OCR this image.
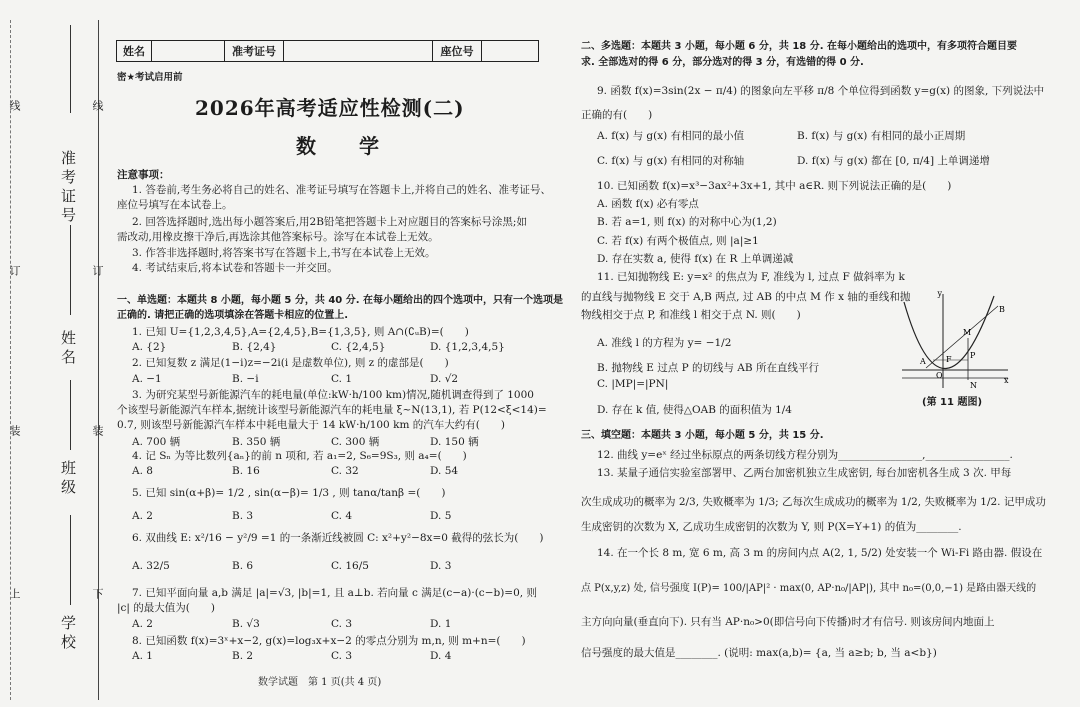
准考证号
姓名
班级
学校
线
订
装
上
线
订
装
下
姓名	准考证号	座位号
密★考试启用前
2026年高考适应性检测(二)
数 学
注意事项：
1. 答卷前,考生务必将自己的姓名、准考证号填写在答题卡上,并将自己的姓名、准考证号、
座位号填写在本试卷上。
2. 回答选择题时,选出每小题答案后,用2B铅笔把答题卡上对应题目的答案标号涂黑;如
需改动,用橡皮擦干净后,再选涂其他答案标号。涂写在本试卷上无效。
3. 作答非选择题时,将答案书写在答题卡上,书写在本试卷上无效。
4. 考试结束后,将本试卷和答题卡一并交回。
一、单选题：本题共 8 小题，每小题 5 分，共 40 分. 在每小题给出的四个选项中，只有一个选项是
正确的. 请把正确的选项填涂在答题卡相应的位置上.
1. 已知 U={1,2,3,4,5},A={2,4,5},B={1,3,5}, 则 A∩(∁ᵤB)=(　　)
A. {2}	B. {2,4}	C. {2,4,5}	D. {1,2,3,4,5}
2. 已知复数 z 满足(1−i)z=−2i(i 是虚数单位), 则 z 的虚部是(　　)
A. −1	B. −i	C. 1	D. √2
3. 为研究某型号新能源汽车的耗电量(单位:kW·h/100 km)情况,随机调查得到了 1000
个该型号新能源汽车样本,据统计该型号新能源汽车的耗电量 ξ~N(13,1), 若 P(12<ξ<14)=
0.7, 则该型号新能源汽车样本中耗电量大于 14 kW·h/100 km 的汽车大约有(　　)
A. 700 辆	B. 350 辆	C. 300 辆	D. 150 辆
4. 记 Sₙ 为等比数列{aₙ}的前 n 项和, 若 a₁=2, S₆=9S₃, 则 a₄=(　　)
A. 8	B. 16	C. 32	D. 54
5. 已知 sin(α+β)= 1/2 , sin(α−β)= 1/3 , 则 tanα/tanβ =(　　)
A. 2	B. 3	C. 4	D. 5
6. 双曲线 E: x²/16 − y²/9 =1 的一条渐近线被圆 C: x²+y²−8x=0 截得的弦长为(　　)
A. 32/5	B. 6	C. 16/5	D. 3
7. 已知平面向量 a,b 满足 |a|=√3, |b|=1, 且 a⊥b. 若向量 c 满足(c−a)·(c−b)=0, 则
|c| 的最大值为(　　)
A. 2	B. √3	C. 3	D. 1
8. 已知函数 f(x)=3ˣ+x−2, g(x)=log₃x+x−2 的零点分别为 m,n, 则 m+n=(　　)
A. 1	B. 2	C. 3	D. 4
数学试题　第 1 页(共 4 页)
二、多选题：本题共 3 小题，每小题 6 分，共 18 分. 在每小题给出的选项中，有多项符合题目要
求. 全部选对的得 6 分，部分选对的得 3 分，有选错的得 0 分.
9. 函数 f(x)=3sin(2x − π/4) 的图象向左平移 π/8 个单位得到函数 y=g(x) 的图象, 下列说法中
正确的有(　　)
A. f(x) 与 g(x) 有相同的最小值	B. f(x) 与 g(x) 有相同的最小正周期
C. f(x) 与 g(x) 有相同的对称轴	D. f(x) 与 g(x) 都在 [0, π/4] 上单调递增
10. 已知函数 f(x)=x³−3ax²+3x+1, 其中 a∈R. 则下列说法正确的是(　　)
A. 函数 f(x) 必有零点
B. 若 a=1, 则 f(x) 的对称中心为(1,2)
C. 若 f(x) 有两个极值点, 则 |a|≥1
D. 存在实数 a, 使得 f(x) 在 R 上单调递减
11. 已知抛物线 E: y=x² 的焦点为 F, 准线为 l, 过点 F 做斜率为 k
的直线与抛物线 E 交于 A,B 两点, 过 AB 的中点 M 作 x 轴的垂线和抛
物线相交于点 P, 和准线 l 相交于点 N. 则(　　)
A. 准线 l 的方程为 y= −1/2
B. 抛物线 E 过点 P 的切线与 AB 所在直线平行
C. |MP|=|PN|
D. 存在 k 值, 使得△OAB 的面积值为 1/4
y
x
O
A
B
F
M
P
N
(第 11 题图)
三、填空题：本题共 3 小题，每小题 5 分，共 15 分.
12. 曲线 y=eˣ 经过坐标原点的两条切线方程分别为________________,________________.
13. 某量子通信实验室部署甲、乙两台加密机独立生成密钥, 每台加密机各生成 3 次. 甲每
次生成成功的概率为 2/3, 失败概率为 1/3; 乙每次生成成功的概率为 1/2, 失败概率为 1/2. 记甲成功
生成密钥的次数为 X, 乙成功生成密钥的次数为 Y, 则 P(X=Y+1) 的值为________.
14. 在一个长 8 m, 宽 6 m, 高 3 m 的房间内点 A(2, 1, 5/2) 处安装一个 Wi-Fi 路由器. 假设在
点 P(x,y,z) 处, 信号强度 I(P)= 100/|AP|² · max(0, AP·n₀/|AP|), 其中 n₀=(0,0,−1) 是路由器天线的
主方向向量(垂直向下). 只有当 AP·n₀>0(即信号向下传播)时才有信号. 则该房间内地面上
信号强度的最大值是________. (说明: max(a,b)= {a, 当 a≥b; b, 当 a<b})
